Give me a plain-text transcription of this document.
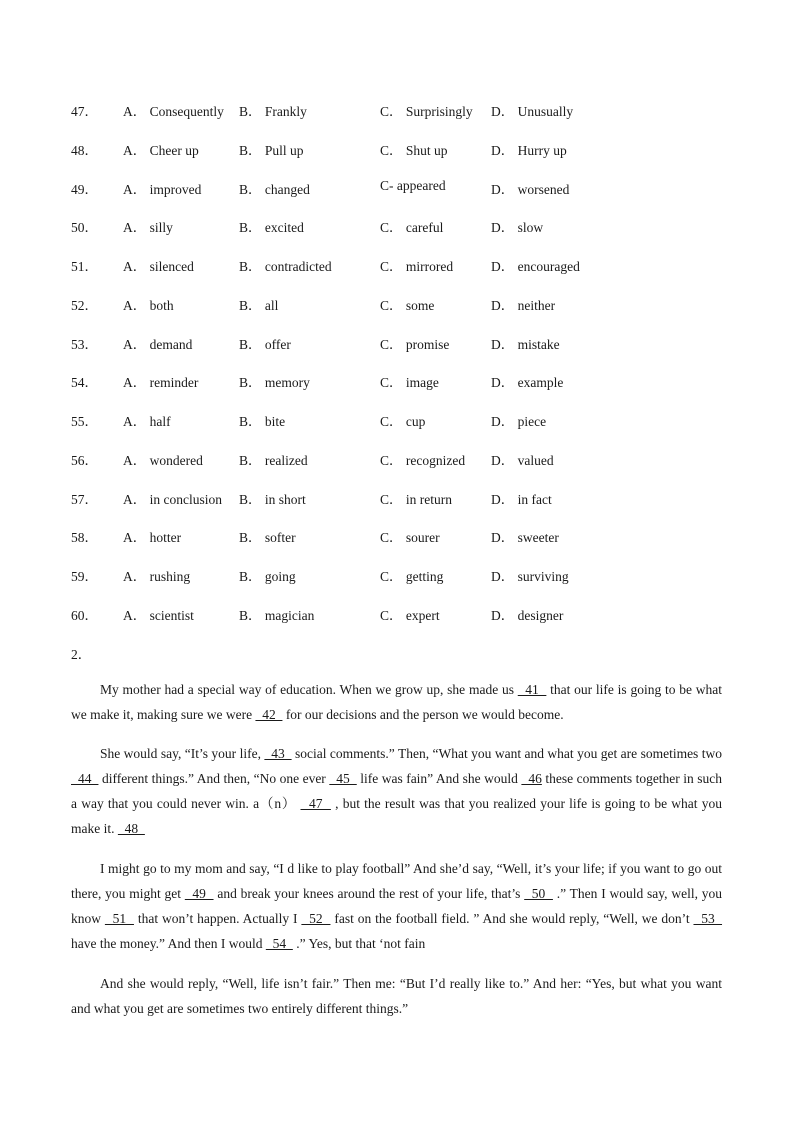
47． A． Consequently B． Frankly	C． Surprisingly D． Unusually
48． A． Cheer up	B． Pull up	C． Shut up	D． Hurry up
49． A． improved	B． changed	C- appeared	D． worsened
50． A． silly	B． excited	C． careful	D． slow
51． A． silenced	B． contradicted	C． mirrored	D． encouraged
52． A． both	B． all	C． some	D． neither
53． A． demand	B． offer	C． promise	D． mistake
54． A． reminder	B． memory	C． image	D． example
55． A． half	B． bite	C． cup	D． piece
56． A． wondered	B． realized	C． recognized D． valued
57． A． in conclusion B． in short	C． in return	D． in fact
58． A． hotter	B． softer	C． sourer	D． sweeter
59． A． rushing	B． going	C． getting	D． surviving
60． A． scientist	B． magician	C． expert	D． designer
2．

My mother had a special way of education. When we grow up, she made us   41   that our life is going to be what we make it, making sure we were   42   for our decisions and the person we would become.

She would say, “It’s your life,   43   social comments.” Then, “What you want and what you get are sometimes two   44   different things.” And then, “No one ever   45   life was fain” And she would   46 these comments together in such a way that you could never win. a（n）   47   , but the result was that you realized your life is going to be what you make it.   48

I might go to my mom and say, “I d like to play football” And she’d say, “Well, it’s your life; if you want to go out there, you might get   49   and break your knees around the rest of your life, that’s   50   .” Then I would say, well, you know   51   that won’t happen. Actually I   52   fast on the football field. ” And she would reply, “Well, we don’t   53   have the money.” And then I would   54   .” Yes, but that ‘not fain

And she would reply, “Well, life isn’t fair.” Then me: “But I’d really like to.” And her: “Yes, but what you want and what you get are sometimes two entirely different things.”
